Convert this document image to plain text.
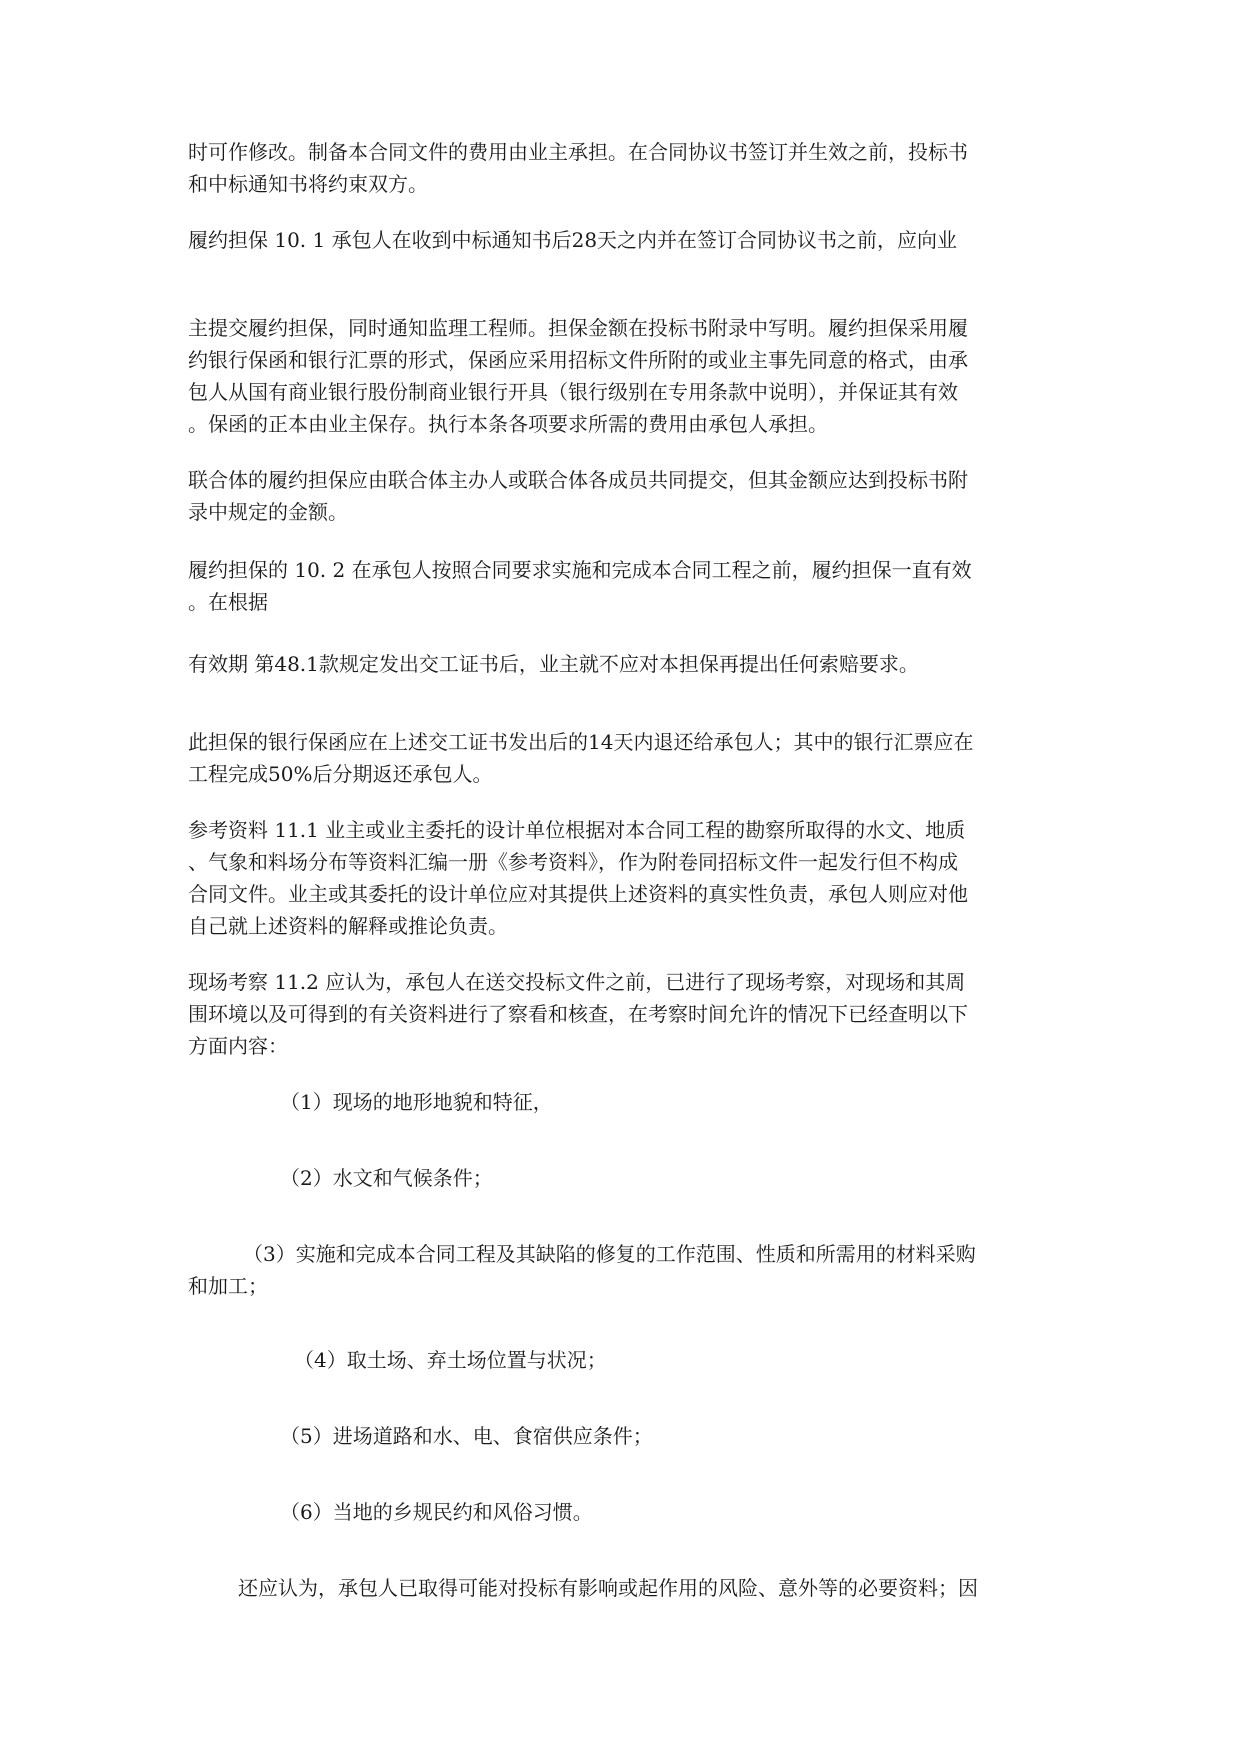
时可作修改。制备本合同文件的费用由业主承担。在合同协议书签订并生效之前，投标书
和中标通知书将约束双方。
履约担保 10. 1 承包人在收到中标通知书后28天之内并在签订合同协议书之前，应向业
主提交履约担保，同时通知监理工程师。担保金额在投标书附录中写明。履约担保采用履
约银行保函和银行汇票的形式，保函应采用招标文件所附的或业主事先同意的格式，由承
包人从国有商业银行股份制商业银行开具（银行级别在专用条款中说明），并保证其有效
。保函的正本由业主保存。执行本条各项要求所需的费用由承包人承担。
联合体的履约担保应由联合体主办人或联合体各成员共同提交，但其金额应达到投标书附
录中规定的金额。
履约担保的 10. 2 在承包人按照合同要求实施和完成本合同工程之前，履约担保一直有效
。在根据
有效期 第48.1款规定发出交工证书后，业主就不应对本担保再提出任何索赔要求。
此担保的银行保函应在上述交工证书发出后的14天内退还给承包人；其中的银行汇票应在
工程完成50%后分期返还承包人。
参考资料 11.1 业主或业主委托的设计单位根据对本合同工程的勘察所取得的水文、地质
、气象和料场分布等资料汇编一册《参考资料》，作为附卷同招标文件一起发行但不构成
合同文件。业主或其委托的设计单位应对其提供上述资料的真实性负责，承包人则应对他
自己就上述资料的解释或推论负责。
现场考察 11.2 应认为，承包人在送交投标文件之前，已进行了现场考察，对现场和其周
围环境以及可得到的有关资料进行了察看和核查，在考察时间允许的情况下已经查明以下
方面内容：
（1）现场的地形地貌和特征，
（2）水文和气候条件；
（3）实施和完成本合同工程及其缺陷的修复的工作范围、性质和所需用的材料采购
和加工；
（4）取土场、弃土场位置与状况；
（5）进场道路和水、电、食宿供应条件；
（6）当地的乡规民约和风俗习惯。
还应认为，承包人已取得可能对投标有影响或起作用的风险、意外等的必要资料；因
